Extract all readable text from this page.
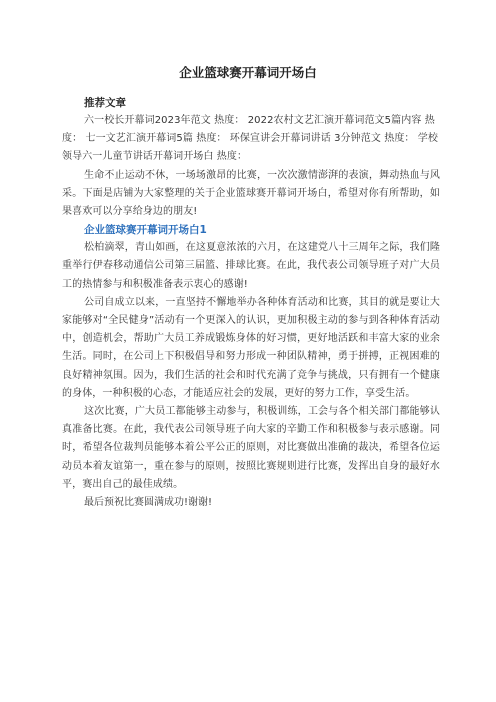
企业篮球赛开幕词开场白
推荐文章

六一校长开幕词2023年范文 热度： 2022农村文艺汇演开幕词范文5篇内容 热度： 七一文艺汇演开幕词5篇 热度： 环保宣讲会开幕词讲话 3分钟范文 热度： 学校领导六一儿童节讲话开幕词开场白 热度：

生命不止运动不休，一场场激昂的比赛，一次次激情澎湃的表演，舞动热血与风采。下面是店铺为大家整理的关于企业篮球赛开幕词开场白，希望对你有所帮助，如果喜欢可以分享给身边的朋友!

企业篮球赛开幕词开场白1

松柏滴翠，青山如画，在这夏意浓浓的六月，在这建党八十三周年之际，我们隆重举行伊春移动通信公司第三届篮、排球比赛。在此，我代表公司领导班子对广大员工的热情参与和积极准备表示衷心的感谢!

公司自成立以来，一直坚持不懈地举办各种体育活动和比赛，其目的就是要让大家能够对“全民健身”活动有一个更深入的认识，更加积极主动的参与到各种体育活动中，创造机会，帮助广大员工养成锻炼身体的好习惯，更好地活跃和丰富大家的业余生活。同时，在公司上下积极倡导和努力形成一种团队精神，勇于拼搏，正视困难的良好精神氛围。因为，我们生活的社会和时代充满了竞争与挑战，只有拥有一个健康的身体，一种积极的心态，才能适应社会的发展，更好的努力工作，享受生活。

这次比赛，广大员工都能够主动参与，积极训练，工会与各个相关部门都能够认真准备比赛。在此，我代表公司领导班子向大家的辛勤工作和积极参与表示感谢。同时，希望各位裁判员能够本着公平公正的原则，对比赛做出准确的裁决，希望各位运动员本着友谊第一，重在参与的原则，按照比赛规则进行比赛，发挥出自身的最好水平，赛出自己的最佳成绩。

最后预祝比赛圆满成功!谢谢!
